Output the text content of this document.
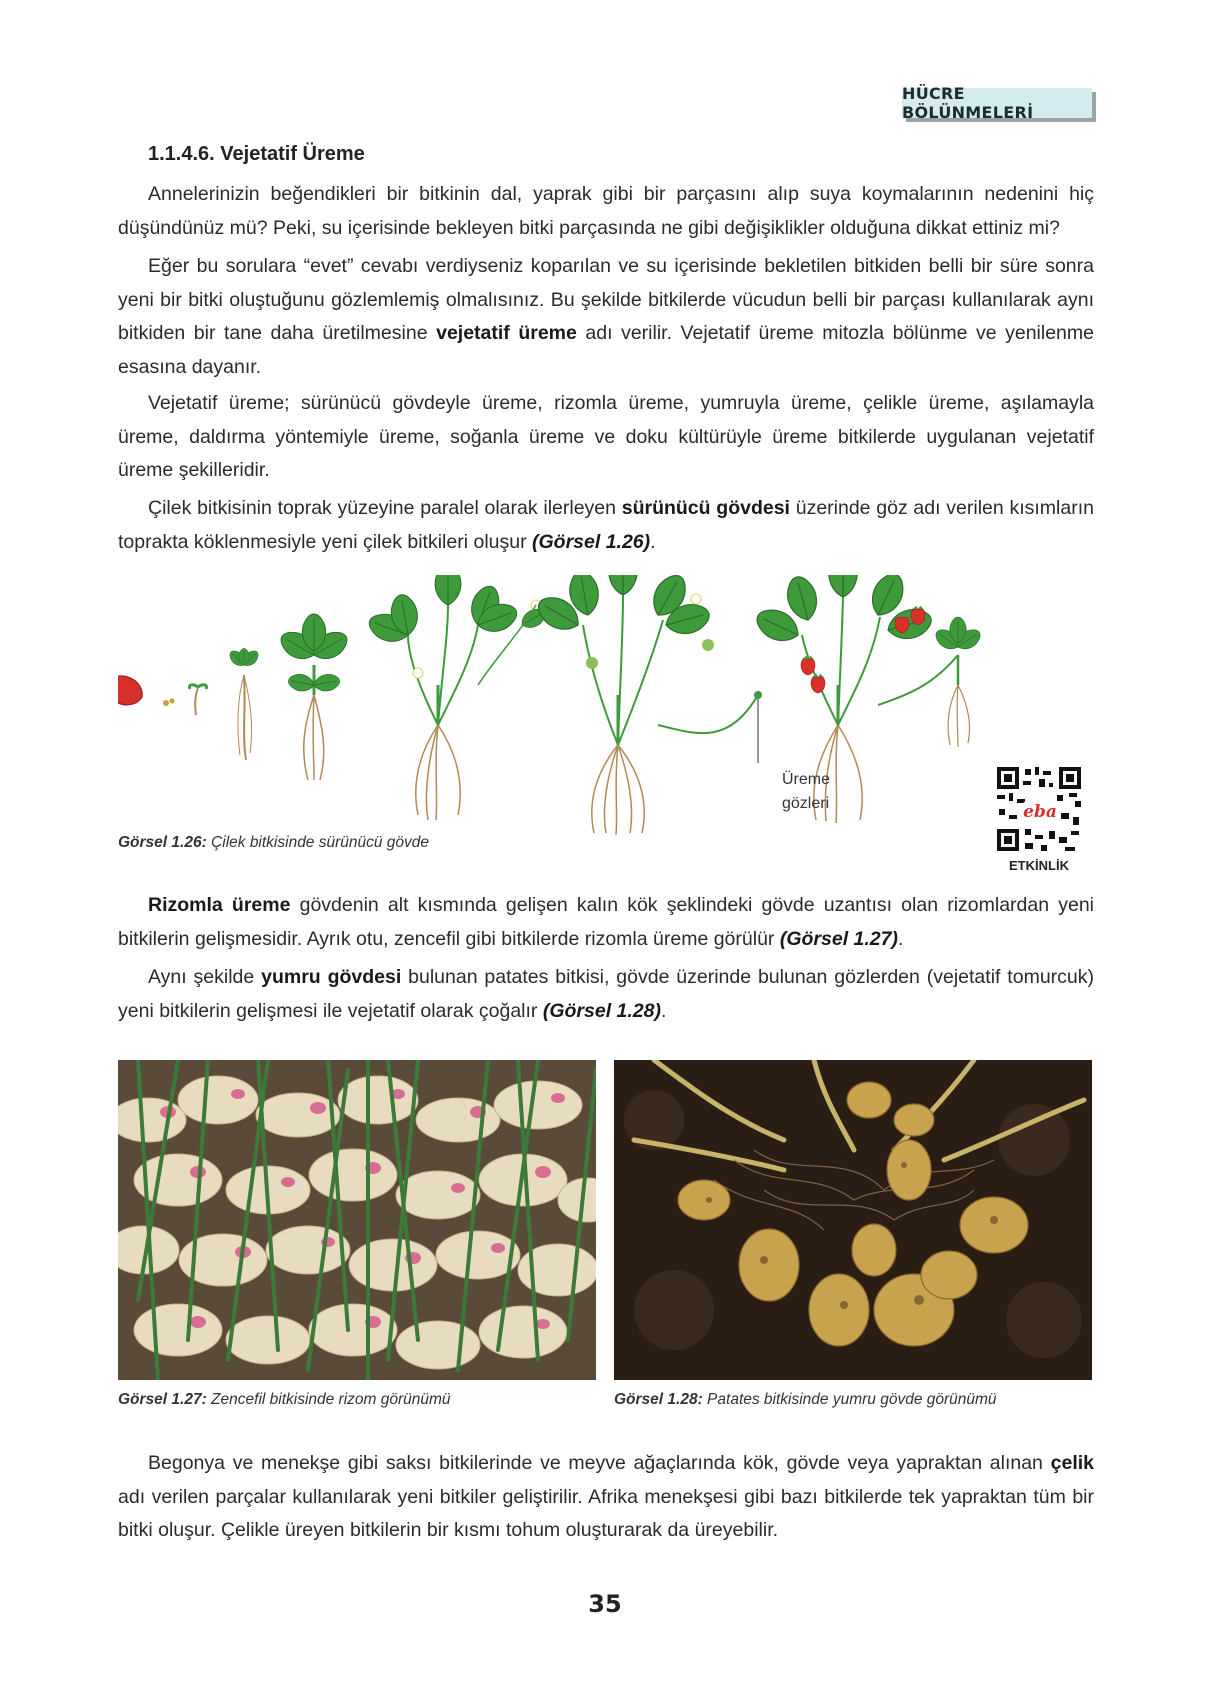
HÜCRE BÖLÜNMELERİ
1.1.4.6. Vejetatif Üreme
Annelerinizin beğendikleri bir bitkinin dal, yaprak gibi bir parçasını alıp suya koymalarının nedenini hiç düşündünüz mü? Peki, su içerisinde bekleyen bitki parçasında ne gibi değişiklikler olduğuna dikkat ettiniz mi?
Eğer bu sorulara “evet” cevabı verdiyseniz koparılan ve su içerisinde bekletilen bitkiden belli bir süre sonra yeni bir bitki oluştuğunu gözlemlemiş olmalısınız. Bu şekilde bitkilerde vücudun belli bir parçası kullanılarak aynı bitkiden bir tane daha üretilmesine vejetatif üreme adı verilir. Vejetatif üreme mitozla bölünme ve yenilenme esasına dayanır.
Vejetatif üreme; sürünücü gövdeyle üreme, rizomla üreme, yumruyla üreme, çelikle üreme, aşılamayla üreme, daldırma yöntemiyle üreme, soğanla üreme ve doku kültürüyle üreme bitkilerde uygulanan vejetatif üreme şekilleridir.
Çilek bitkisinin toprak yüzeyine paralel olarak ilerleyen sürünücü gövdesi üzerinde göz adı verilen kısımların toprakta köklenmesiyle yeni çilek bitkileri oluşur (Görsel 1.26).
Üreme
gözleri	eba
ETKİNLİK
Görsel 1.26: Çilek bitkisinde sürünücü gövde
Rizomla üreme gövdenin alt kısmında gelişen kalın kök şeklindeki gövde uzantısı olan rizomlardan yeni bitkilerin gelişmesidir. Ayrık otu, zencefil gibi bitkilerde rizomla üreme görülür (Görsel 1.27).
Aynı şekilde yumru gövdesi bulunan patates bitkisi, gövde üzerinde bulunan gözlerden (vejetatif tomurcuk) yeni bitkilerin gelişmesi ile vejetatif olarak çoğalır (Görsel 1.28).
Görsel 1.27: Zencefil bitkisinde rizom görünümü	Görsel 1.28: Patates bitkisinde yumru gövde görünümü
Begonya ve menekşe gibi saksı bitkilerinde ve meyve ağaçlarında kök, gövde veya yapraktan alınan çelik adı verilen parçalar kullanılarak yeni bitkiler geliştirilir. Afrika menekşesi gibi bazı bitkilerde tek yapraktan tüm bir bitki oluşur. Çelikle üreyen bitkilerin bir kısmı tohum oluşturarak da üreyebilir.
35
